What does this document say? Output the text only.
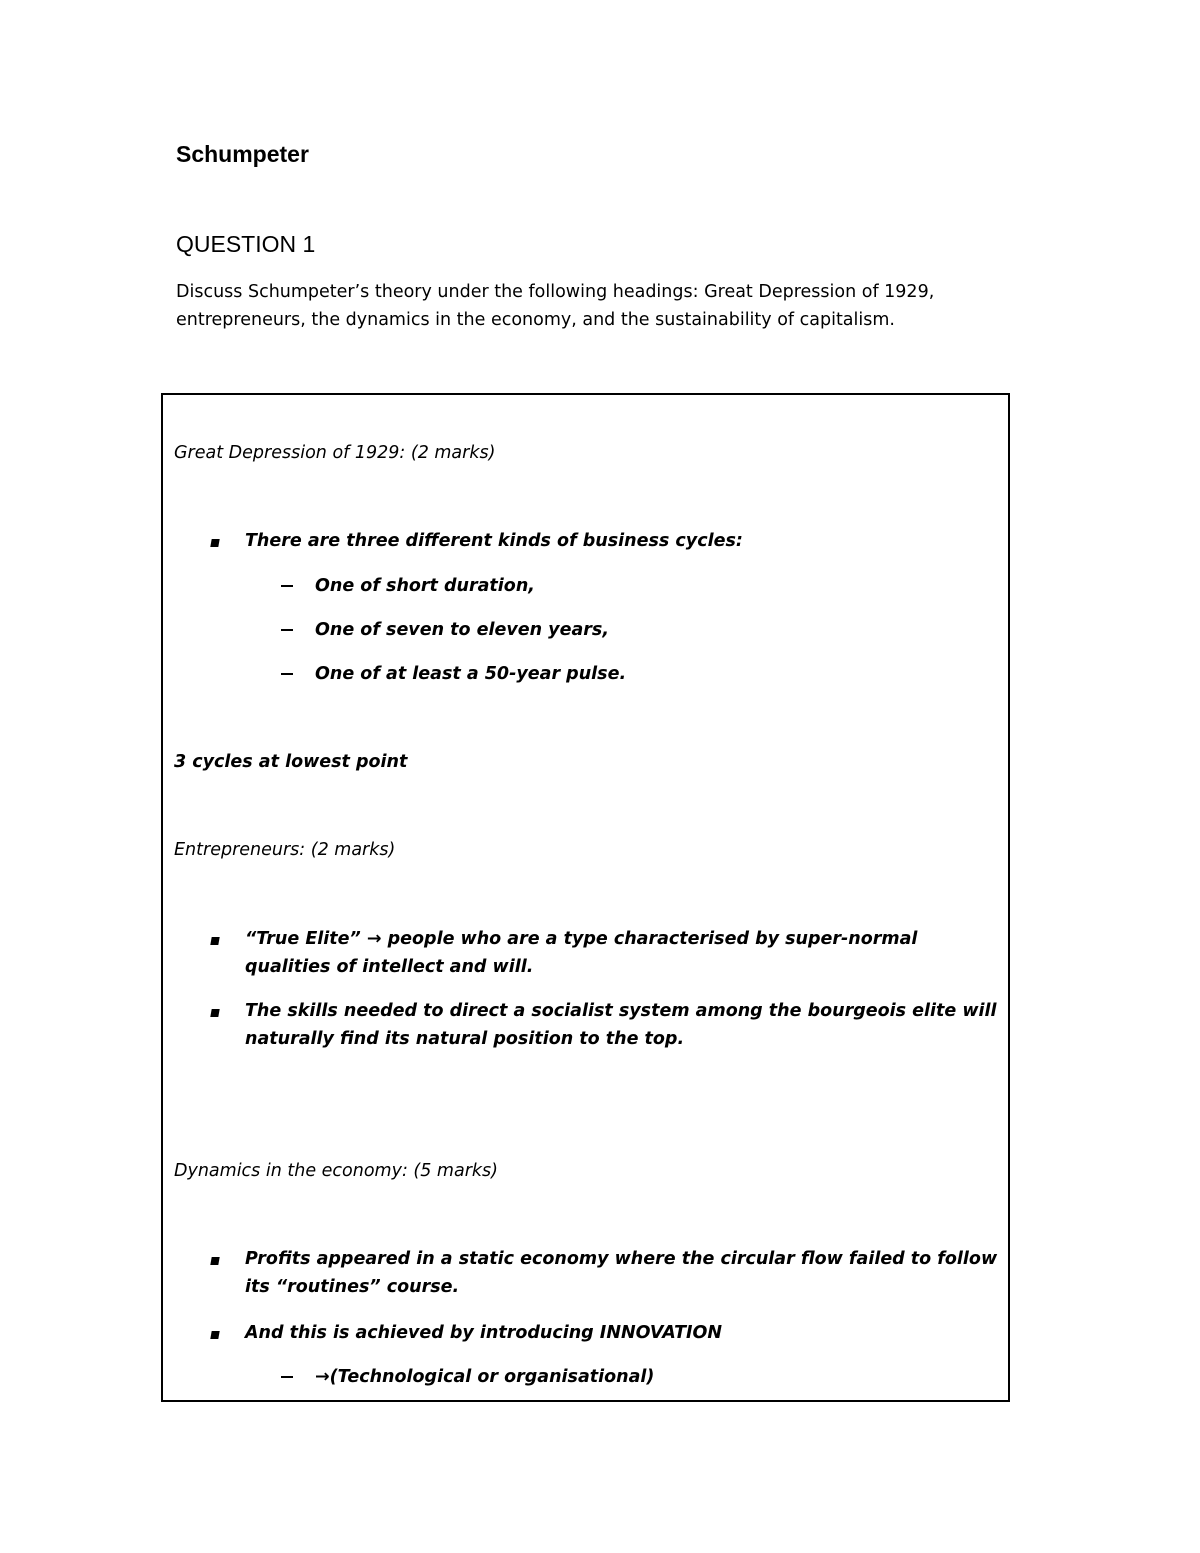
Schumpeter
QUESTION 1

Discuss Schumpeter’s theory under the following headings: Great Depression of 1929, entrepreneurs, the dynamics in the economy, and the sustainability of capitalism.

Great Depression of 1929: (2 marks)

There are three different kinds of business cycles:

One of short duration,

One of seven to eleven years,

One of at least a 50-year pulse.

3 cycles at lowest point

Entrepreneurs: (2 marks)

“True Elite” → people who are a type characterised by super-normal qualities of intellect and will.

The skills needed to direct a socialist system among the bourgeois elite will naturally find its natural position to the top.

Dynamics in the economy: (5 marks)

Profits appeared in a static economy where the circular flow failed to follow its “routines” course.

And this is achieved by introducing INNOVATION

→(Technological or organisational)
